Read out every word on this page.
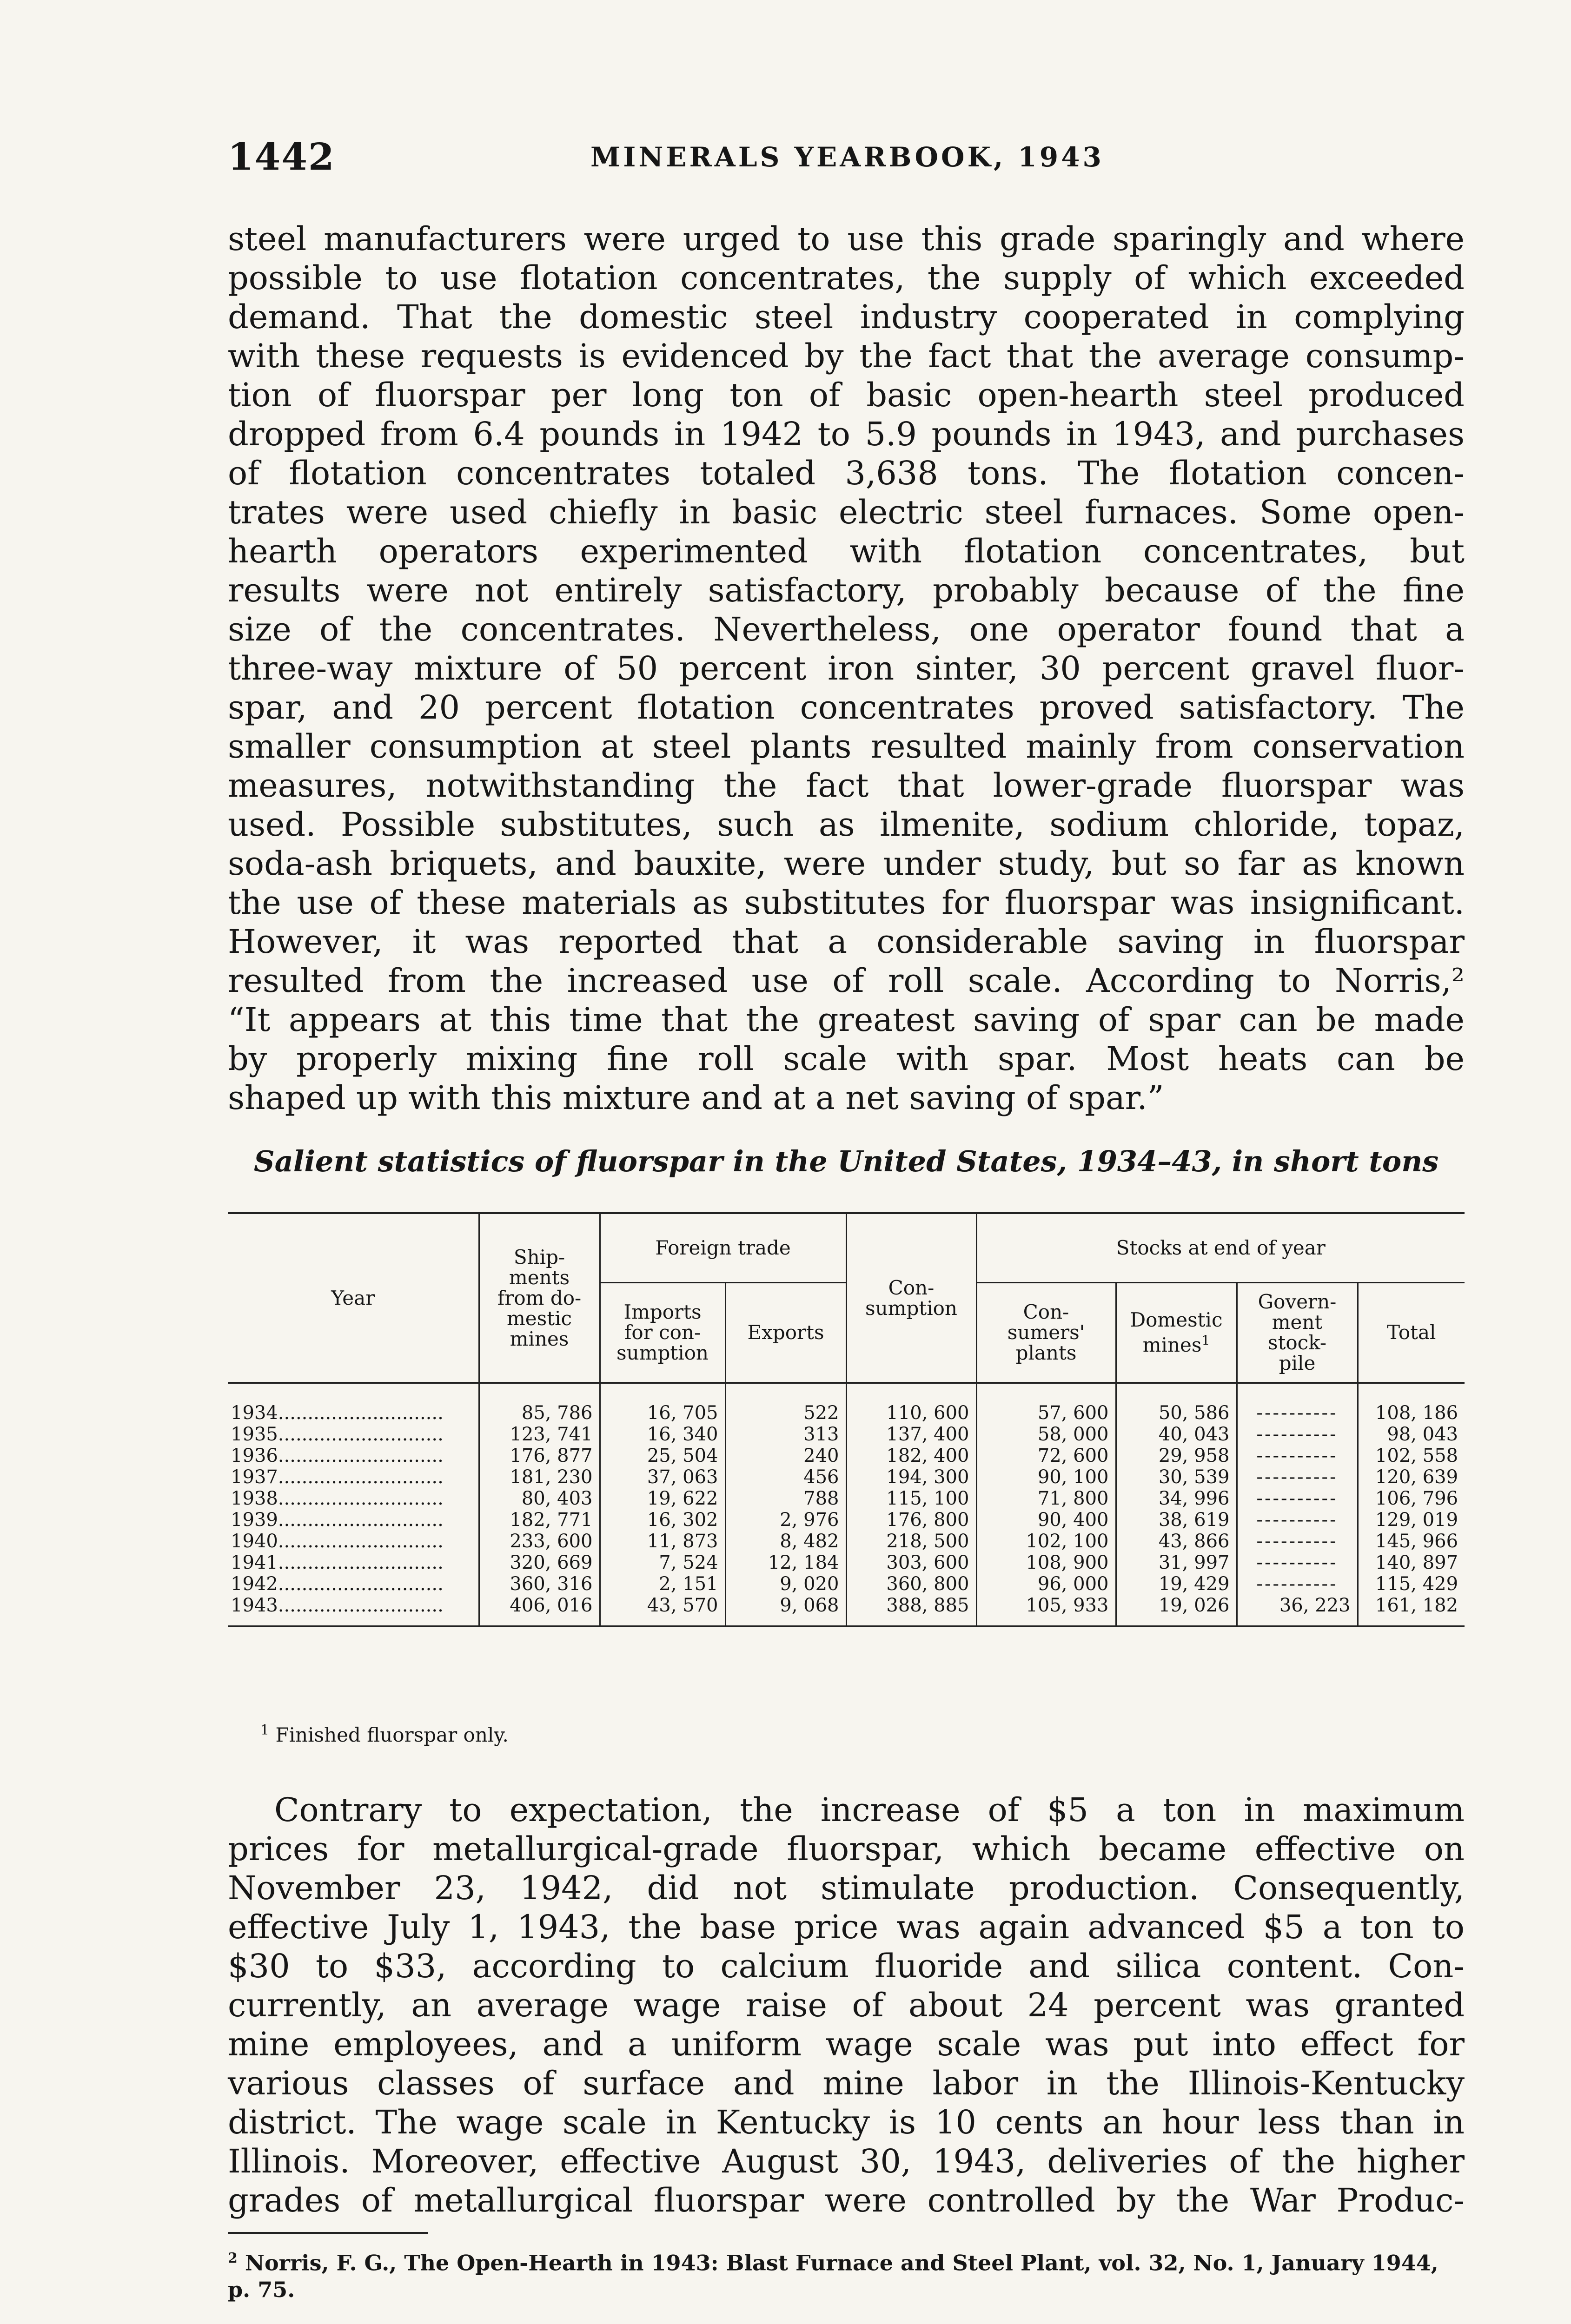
1442	MINERALS YEARBOOK, 1943
steel manufacturers were urged to use this grade sparingly and where
possible to use flotation concentrates, the supply of which exceeded
demand. That the domestic steel industry cooperated in complying
with these requests is evidenced by the fact that the average consump-
tion of fluorspar per long ton of basic open-hearth steel produced
dropped from 6.4 pounds in 1942 to 5.9 pounds in 1943, and purchases
of flotation concentrates totaled 3,638 tons. The flotation concen-
trates were used chiefly in basic electric steel furnaces. Some open-
hearth operators experimented with flotation concentrates, but
results were not entirely satisfactory, probably because of the fine
size of the concentrates. Nevertheless, one operator found that a
three-way mixture of 50 percent iron sinter, 30 percent gravel fluor-
spar, and 20 percent flotation concentrates proved satisfactory. The
smaller consumption at steel plants resulted mainly from conservation
measures, notwithstanding the fact that lower-grade fluorspar was
used. Possible substitutes, such as ilmenite, sodium chloride, topaz,
soda-ash briquets, and bauxite, were under study, but so far as known
the use of these materials as substitutes for fluorspar was insignificant.
However, it was reported that a considerable saving in fluorspar
resulted from the increased use of roll scale. According to Norris,²
“It appears at this time that the greatest saving of spar can be made
by properly mixing fine roll scale with spar. Most heats can be
shaped up with this mixture and at a net saving of spar.”
Salient statistics of fluorspar in the United States, 1934–43, in short tons
Year	Ship-
ments
from do-
mestic
mines	Foreign trade		Con-
sumption	Stocks at end of year			
		Imports
for con-
sumption	Exports		Con-
sumers'
plants	Domestic
mines$^1$	Govern-
ment
stock-
pile	Total
1934............................	85, 786	16, 705	522	110, 600	57, 600	50, 586	----------	108, 186
1935............................	123, 741	16, 340	313	137, 400	58, 000	40, 043	----------	98, 043
1936............................	176, 877	25, 504	240	182, 400	72, 600	29, 958	----------	102, 558
1937............................	181, 230	37, 063	456	194, 300	90, 100	30, 539	----------	120, 639
1938............................	80, 403	19, 622	788	115, 100	71, 800	34, 996	----------	106, 796
1939............................	182, 771	16, 302	2, 976	176, 800	90, 400	38, 619	----------	129, 019
1940............................	233, 600	11, 873	8, 482	218, 500	102, 100	43, 866	----------	145, 966
1941............................	320, 669	7, 524	12, 184	303, 600	108, 900	31, 997	----------	140, 897
1942............................	360, 316	2, 151	9, 020	360, 800	96, 000	19, 429	----------	115, 429
1943............................	406, 016	43, 570	9, 068	388, 885	105, 933	19, 026	36, 223	161, 182
$^1$ Finished fluorspar only.
Contrary to expectation, the increase of $5 a ton in maximum
prices for metallurgical-grade fluorspar, which became effective on
November 23, 1942, did not stimulate production. Consequently,
effective July 1, 1943, the base price was again advanced $5 a ton to
$30 to $33, according to calcium fluoride and silica content. Con-
currently, an average wage raise of about 24 percent was granted
mine employees, and a uniform wage scale was put into effect for
various classes of surface and mine labor in the Illinois-Kentucky
district. The wage scale in Kentucky is 10 cents an hour less than in
Illinois. Moreover, effective August 30, 1943, deliveries of the higher
grades of metallurgical fluorspar were controlled by the War Produc-
$^2$ Norris, F. G., The Open-Hearth in 1943: Blast Furnace and Steel Plant, vol. 32, No. 1, January 1944,
p. 75.
